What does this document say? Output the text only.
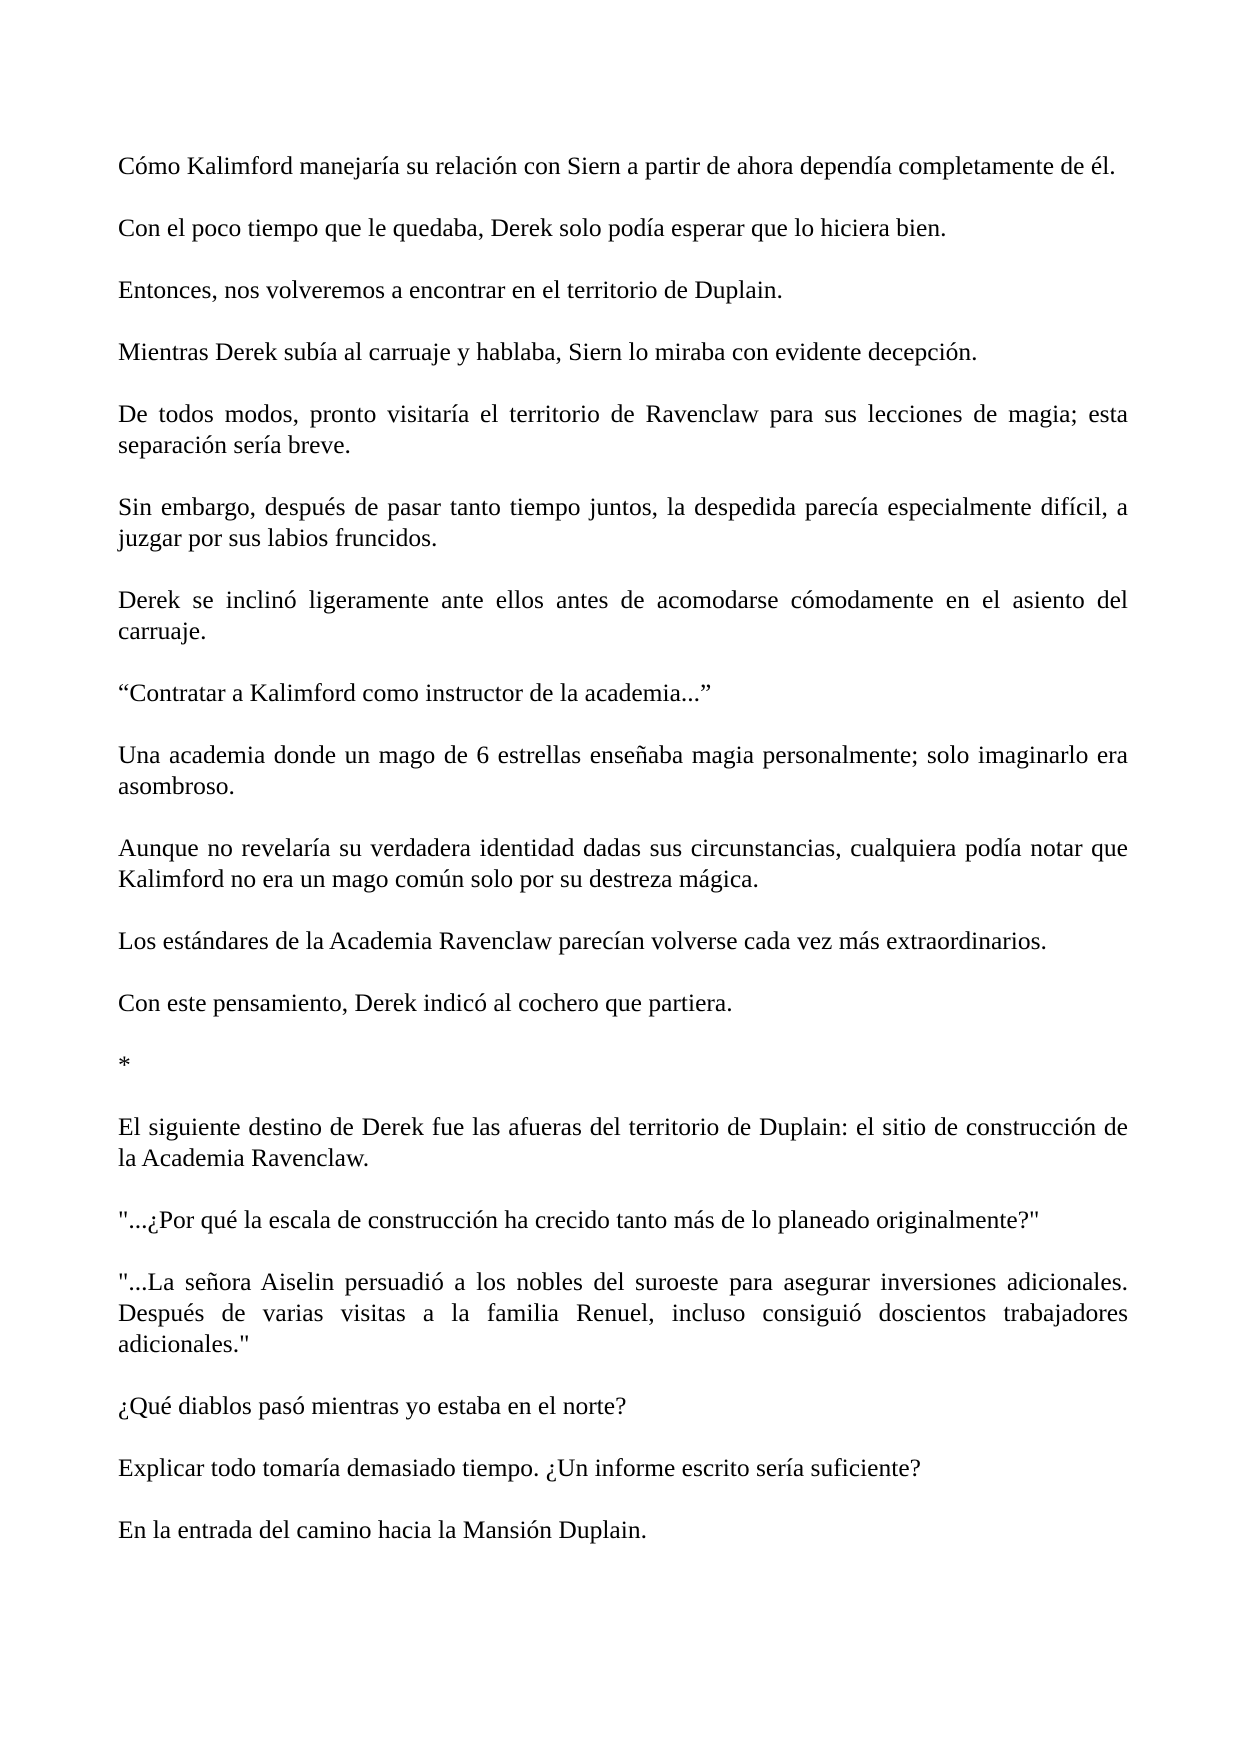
Cómo Kalimford manejaría su relación con Siern a partir de ahora dependía completamente de él.

Con el poco tiempo que le quedaba, Derek solo podía esperar que lo hiciera bien.

Entonces, nos volveremos a encontrar en el territorio de Duplain.

Mientras Derek subía al carruaje y hablaba, Siern lo miraba con evidente decepción.

De todos modos, pronto visitaría el territorio de Ravenclaw para sus lecciones de magia; esta separación sería breve.

Sin embargo, después de pasar tanto tiempo juntos, la despedida parecía especialmente difícil, a juzgar por sus labios fruncidos.

Derek se inclinó ligeramente ante ellos antes de acomodarse cómodamente en el asiento del carruaje.

“Contratar a Kalimford como instructor de la academia...”

Una academia donde un mago de 6 estrellas enseñaba magia personalmente; solo imaginarlo era asombroso.

Aunque no revelaría su verdadera identidad dadas sus circunstancias, cualquiera podía notar que Kalimford no era un mago común solo por su destreza mágica.

Los estándares de la Academia Ravenclaw parecían volverse cada vez más extraordinarios.

Con este pensamiento, Derek indicó al cochero que partiera.

*

El siguiente destino de Derek fue las afueras del territorio de Duplain: el sitio de construcción de la Academia Ravenclaw.

"...¿Por qué la escala de construcción ha crecido tanto más de lo planeado originalmente?"

"...La señora Aiselin persuadió a los nobles del suroeste para asegurar inversiones adicionales. Después de varias visitas a la familia Renuel, incluso consiguió doscientos trabajadores adicionales."

¿Qué diablos pasó mientras yo estaba en el norte?

Explicar todo tomaría demasiado tiempo. ¿Un informe escrito sería suficiente?

En la entrada del camino hacia la Mansión Duplain.
